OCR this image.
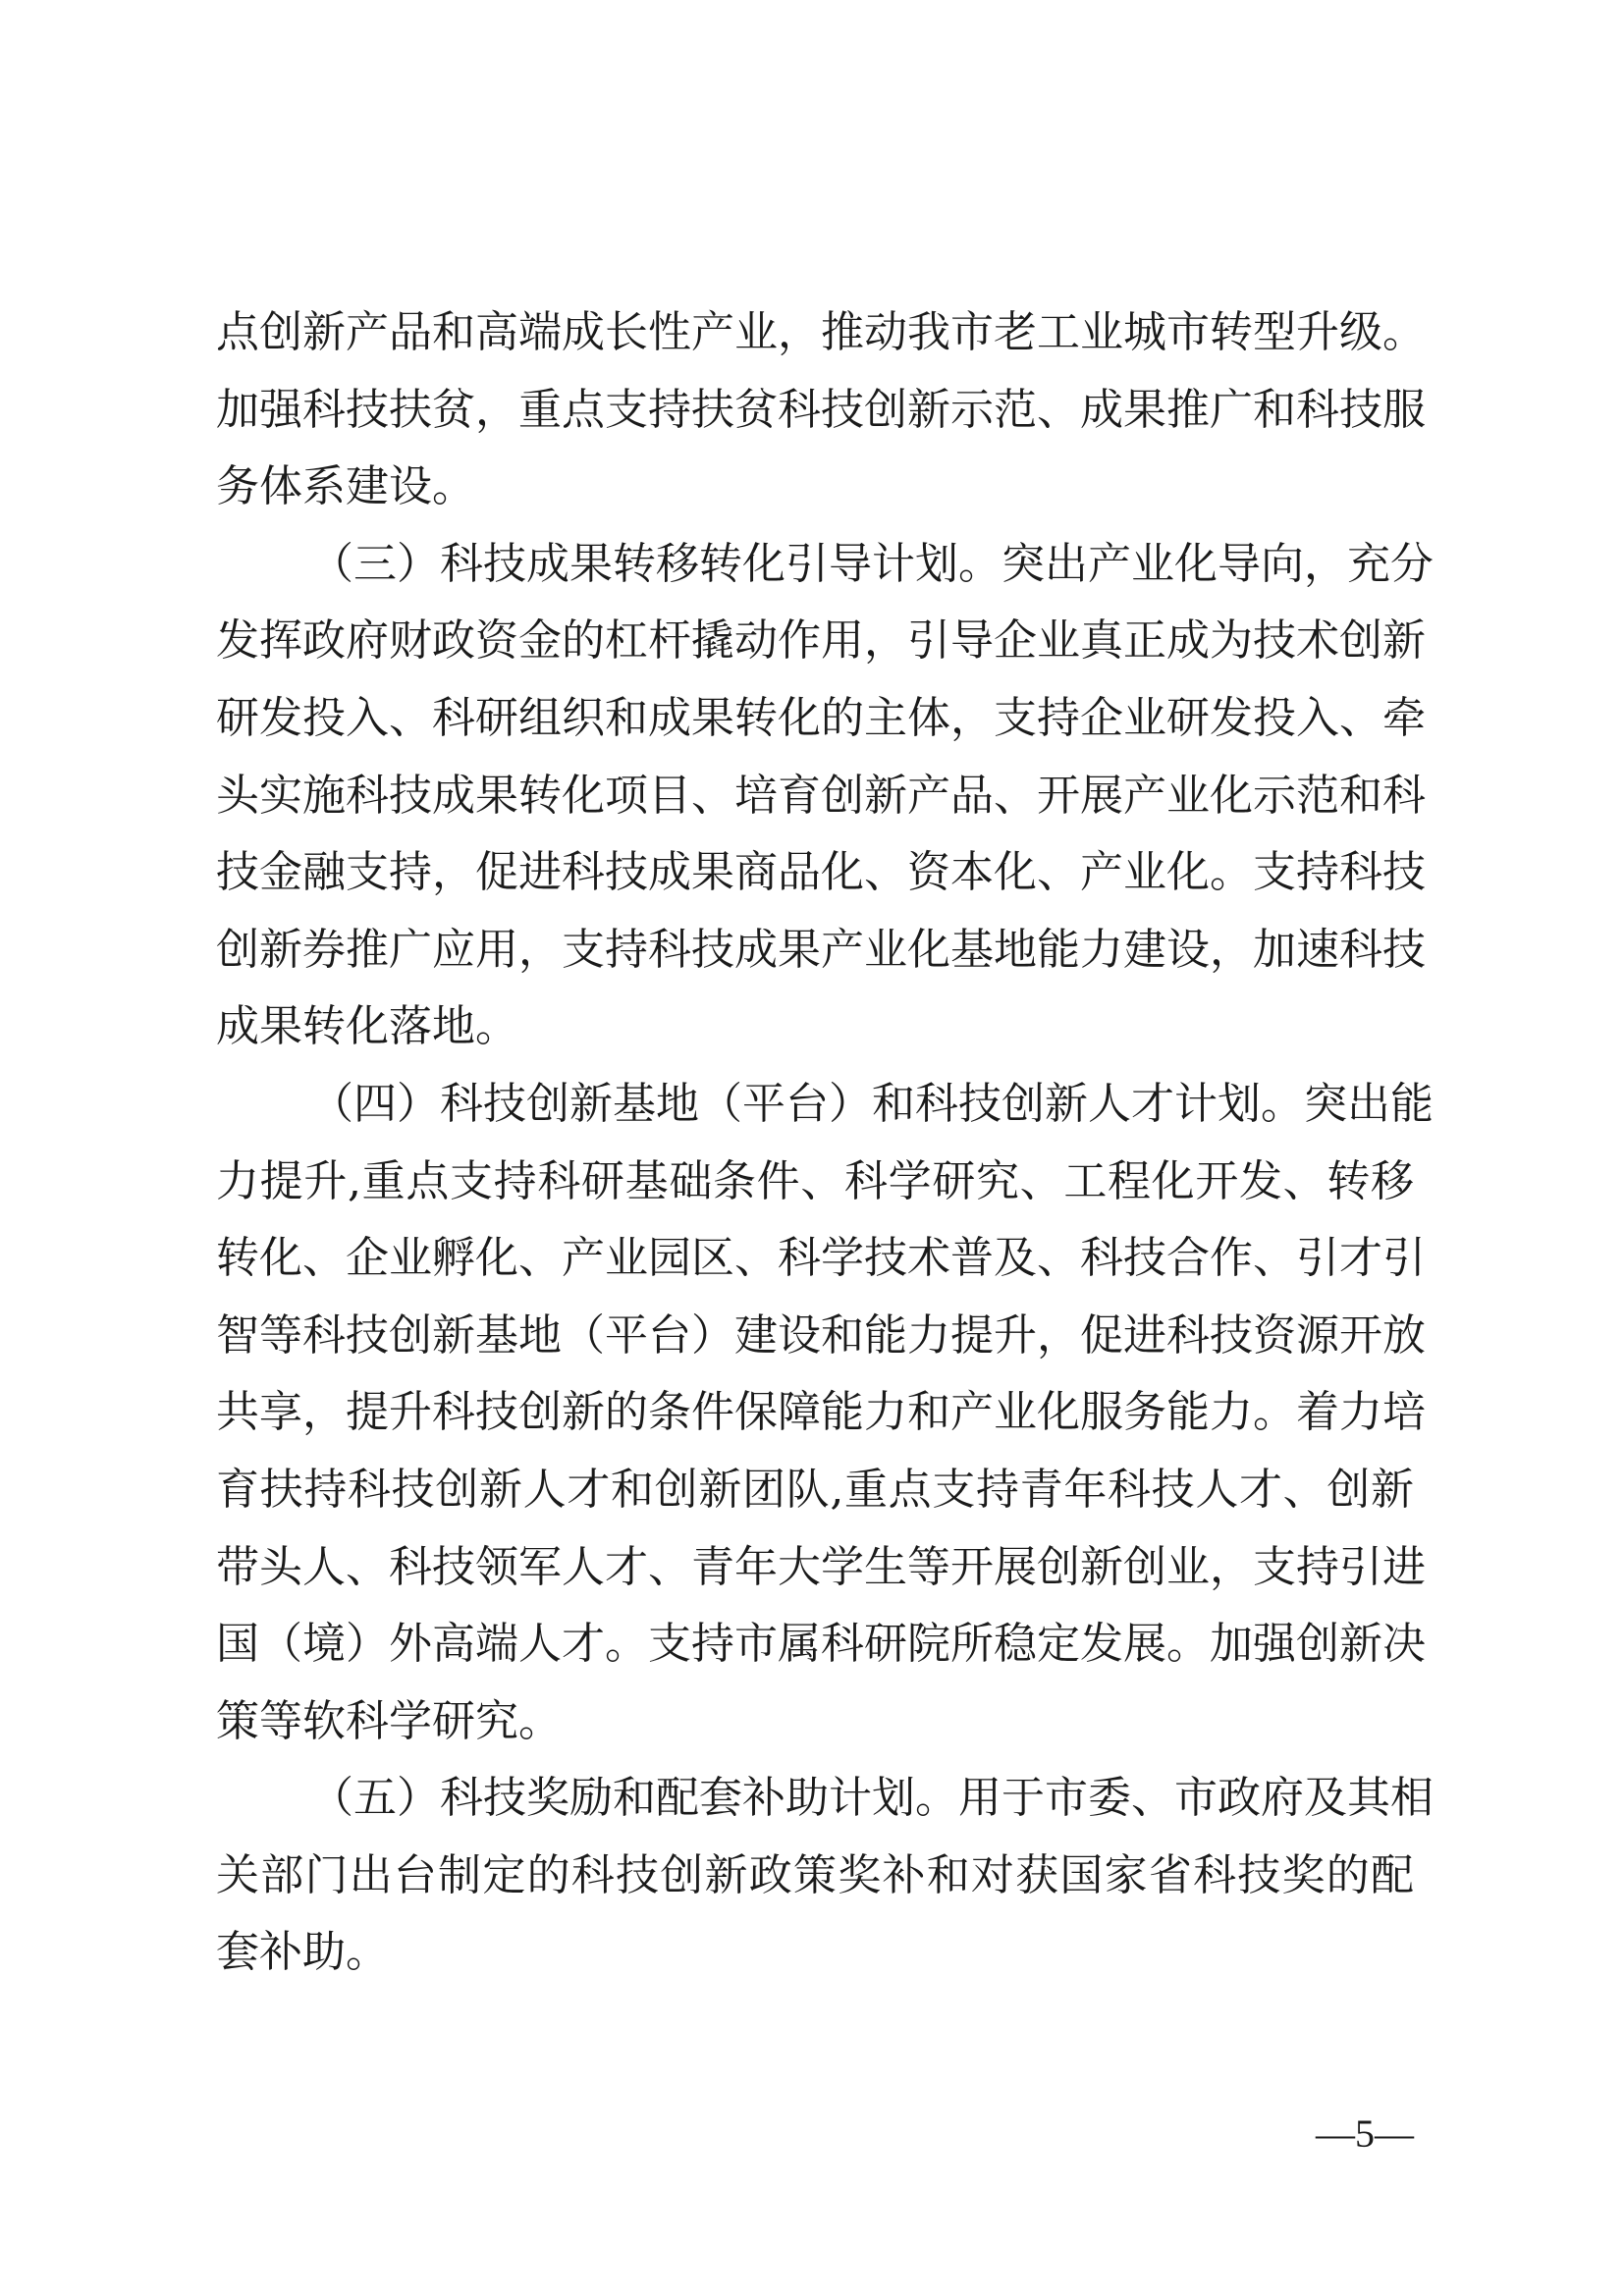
点创新产品和高端成长性产业，推动我市老工业城市转型升级。
加强科技扶贫，重点支持扶贫科技创新示范、成果推广和科技服
务体系建设。
（三）科技成果转移转化引导计划。突出产业化导向，充分
发挥政府财政资金的杠杆撬动作用，引导企业真正成为技术创新
研发投入、科研组织和成果转化的主体，支持企业研发投入、牵
头实施科技成果转化项目、培育创新产品、开展产业化示范和科
技金融支持，促进科技成果商品化、资本化、产业化。支持科技
创新券推广应用，支持科技成果产业化基地能力建设，加速科技
成果转化落地。
（四）科技创新基地（平台）和科技创新人才计划。突出能
力提升,重点支持科研基础条件、科学研究、工程化开发、转移
转化、企业孵化、产业园区、科学技术普及、科技合作、引才引
智等科技创新基地（平台）建设和能力提升，促进科技资源开放
共享，提升科技创新的条件保障能力和产业化服务能力。着力培
育扶持科技创新人才和创新团队,重点支持青年科技人才、创新
带头人、科技领军人才、青年大学生等开展创新创业，支持引进
国（境）外高端人才。支持市属科研院所稳定发展。加强创新决
策等软科学研究。
（五）科技奖励和配套补助计划。用于市委、市政府及其相
关部门出台制定的科技创新政策奖补和对获国家省科技奖的配
套补助。
—5—
